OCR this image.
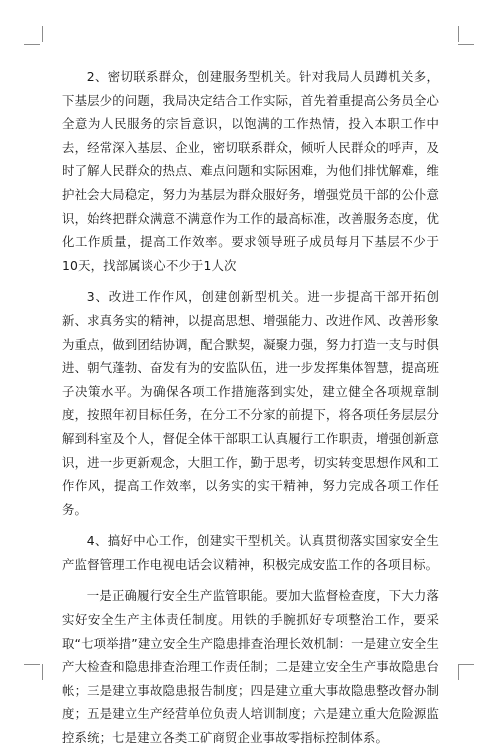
2、密切联系群众，创建服务型机关。针对我局人员蹲机关多，下基层少的问题，我局决定结合工作实际，首先着重提高公务员全心全意为人民服务的宗旨意识，以饱满的工作热情，投入本职工作中去，经常深入基层、企业，密切联系群众，倾听人民群众的呼声，及时了解人民群众的热点、难点问题和实际困难，为他们排忧解难，维护社会大局稳定，努力为基层为群众服好务，增强党员干部的公仆意识，始终把群众满意不满意作为工作的最高标准，改善服务态度，优化工作质量，提高工作效率。要求领导班子成员每月下基层不少于10天，找部属谈心不少于1人次

3、改进工作作风，创建创新型机关。进一步提高干部开拓创新、求真务实的精神，以提高思想、增强能力、改进作风、改善形象为重点，做到团结协调，配合默契，凝聚力强，努力打造一支与时俱进、朝气蓬勃、奋发有为的安监队伍，进一步发挥集体智慧，提高班子决策水平。为确保各项工作措施落到实处，建立健全各项规章制度，按照年初目标任务，在分工不分家的前提下，将各项任务层层分解到科室及个人，督促全体干部职工认真履行工作职责，增强创新意识，进一步更新观念，大胆工作，勤于思考，切实转变思想作风和工作作风，提高工作效率，以务实的实干精神，努力完成各项工作任务。

4、搞好中心工作，创建实干型机关。认真贯彻落实国家安全生产监督管理工作电视电话会议精神，积极完成安监工作的各项目标。

一是正确履行安全生产监管职能。要加大监督检查度，下大力落实好安全生产主体责任制度。用铁的手腕抓好专项整治工作，要采取“七项举措”建立安全生产隐患排查治理长效机制：一是建立安全生产大检查和隐患排查治理工作责任制；二是建立安全生产事故隐患台帐；三是建立事故隐患报告制度；四是建立重大事故隐患整改督办制度；五是建立生产经营单位负责人培训制度；六是建立重大危险源监控系统；七是建立各类工矿商贸企业事故零指标控制体系。
